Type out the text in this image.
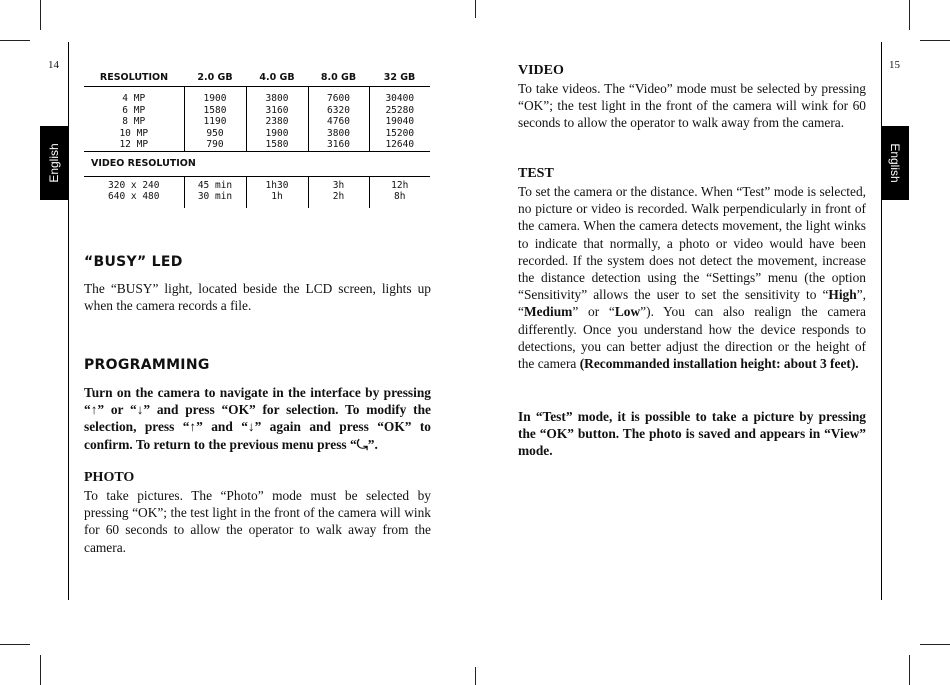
14	15
English	English
RESOLUTION	2.0 GB	4.0 GB	8.0 GB	32 GB

4 MP	1900	3800	7600	30400
6 MP	1580	3160	6320	25280
8 MP	1190	2380	4760	19040
10 MP	950	1900	3800	15200
12 MP	790	1580	3160	12640
VIDEO RESOLUTION				

320 x 240	45 min	1h30	3h	12h
640 x 480	30 min	1h	2h	8h

“BUSY” LED
The “BUSY” light, located beside the LCD screen, lights up when the camera records a file.
PROGRAMMING
Turn on the camera to navigate in the interface by pressing “↑” or “↓” and press “OK” for selection. To modify the selection, press “↑” and “↓” again and press “OK” to confirm. To return to the previous menu press “⤿”.
PHOTO
To take pictures. The “Photo” mode must be selected by pressing “OK”; the test light in the front of the camera will wink for 60 seconds to allow the operator to walk away from the camera.
VIDEO
To take videos. The “Video” mode must be selected by pressing “OK”; the test light in the front of the camera will wink for 60 seconds to allow the operator to walk away from the camera.
TEST
To set the camera or the distance. When “Test” mode is selected, no picture or video is recorded. Walk perpendicularly in front of the camera. When the camera detects movement, the light winks to indicate that normally, a photo or video would have been recorded. If the system does not detect the movement, increase the distance detection using the “Settings” menu (the option “Sensitivity” allows the user to set the sensitivity to “High”, “Medium” or “Low”). You can also realign the camera differently. Once you understand how the device responds to detections, you can better adjust the direction or the height of the camera (Recommanded installation height: about 3 feet).
In “Test” mode, it is possible to take a picture by pressing the “OK” button. The photo is saved and appears in “View” mode.
